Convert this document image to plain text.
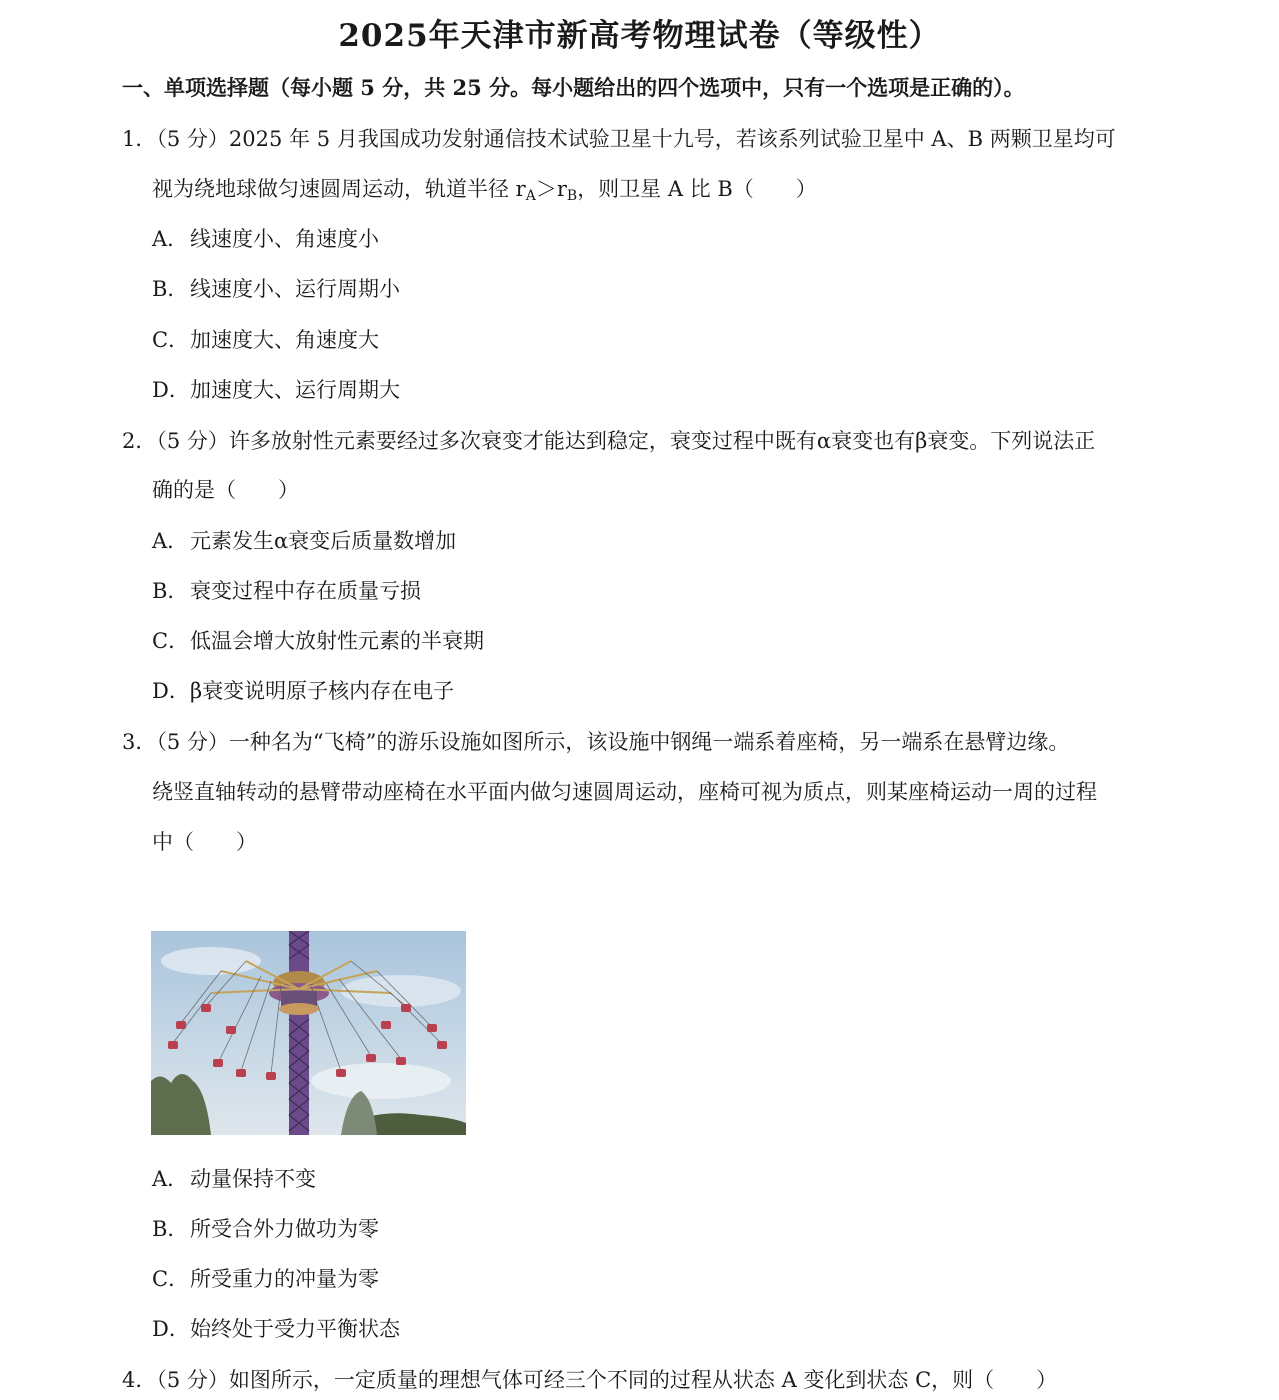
2025年天津市新高考物理试卷（等级性）
一、单项选择题（每小题 5 分，共 25 分。每小题给出的四个选项中，只有一个选项是正确的）。
1．（5 分）2025 年 5 月我国成功发射通信技术试验卫星十九号，若该系列试验卫星中 A、B 两颗卫星均可
视为绕地球做匀速圆周运动，轨道半径 $r_A>r_B$，则卫星 A 比 B（　　）
A．线速度小、角速度小
B．线速度小、运行周期小
C．加速度大、角速度大
D．加速度大、运行周期大
2．（5 分）许多放射性元素要经过多次衰变才能达到稳定，衰变过程中既有α衰变也有β衰变。下列说法正
确的是（　　）
A．元素发生α衰变后质量数增加
B．衰变过程中存在质量亏损
C．低温会增大放射性元素的半衰期
D．β衰变说明原子核内存在电子
3．（5 分）一种名为“飞椅”的游乐设施如图所示，该设施中钢绳一端系着座椅，另一端系在悬臂边缘。
绕竖直轴转动的悬臂带动座椅在水平面内做匀速圆周运动，座椅可视为质点，则某座椅运动一周的过程
中（　　）
A．动量保持不变
B．所受合外力做功为零
C．所受重力的冲量为零
D．始终处于受力平衡状态
4．（5 分）如图所示，一定质量的理想气体可经三个不同的过程从状态 A 变化到状态 C，则（　　）
